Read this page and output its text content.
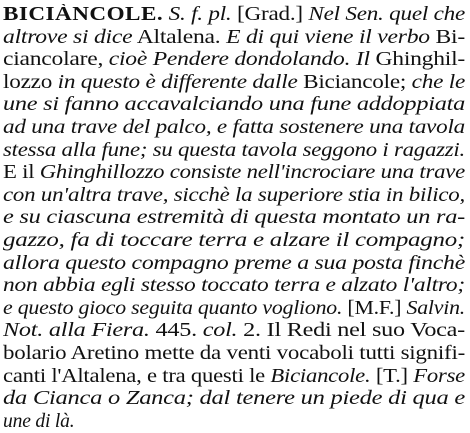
BICIÀNCOLE. S. f. pl. [Grad.] Nel Sen. quel che
altrove si dice Altalena. E di qui viene il verbo Bi-
ciancolare, cioè Pendere dondolando. Il Ghinghil-
lozzo in questo è differente dalle Biciancole; che le
une si fanno accavalciando una fune addoppiata
ad una trave del palco, e fatta sostenere una tavola
stessa alla fune; su questa tavola seggono i ragazzi.
E il Ghinghillozzo consiste nell'incrociare una trave
con un'altra trave, sicchè la superiore stia in bilico,
e su ciascuna estremità di questa montato un ra-
gazzo, fa di toccare terra e alzare il compagno;
allora questo compagno preme a sua posta finchè
non abbia egli stesso toccato terra e alzato l'altro;
e questo gioco seguita quanto vogliono. [M.F.] Salvin.
Not. alla Fiera. 445. col. 2. Il Redi nel suo Voca-
bolario Aretino mette da venti vocaboli tutti signifi-
canti l'Altalena, e tra questi le Biciancole. [T.] Forse
da Cianca o Zanca; dal tenere un piede di qua e
une di là.
